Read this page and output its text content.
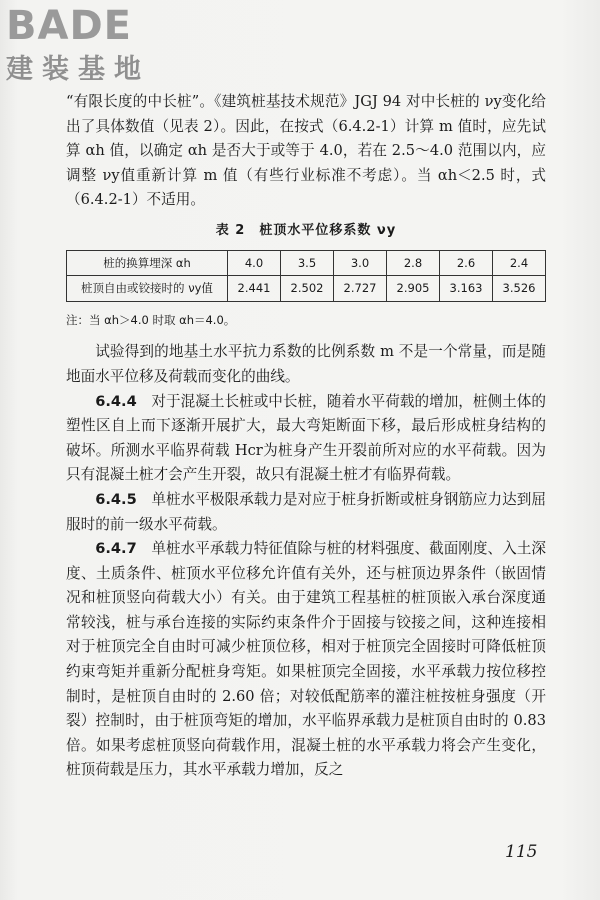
BADE
建装基地

“有限长度的中长桩”。《建筑桩基技术规范》JGJ 94 对中长桩的 νy变化给出了具体数值（见表 2）。因此，在按式（6.4.2-1）计算 m 值时，应先试算 αh 值，以确定 αh 是否大于或等于 4.0，若在 2.5～4.0 范围以内，应调整 νy值重新计算 m 值（有些行业标准不考虑）。当 αh＜2.5 时，式（6.4.2-1）不适用。

表 2　桩顶水平位移系数 νy
桩的换算埋深 αh	4.0	3.5	3.0	2.8	2.6	2.4
桩顶自由或铰接时的 νy值	2.441	2.502	2.727	2.905	3.163	3.526
注：当 αh＞4.0 时取 αh＝4.0。

试验得到的地基土水平抗力系数的比例系数 m 不是一个常量，而是随地面水平位移及荷载而变化的曲线。

6.4.4　 对于混凝土长桩或中长桩，随着水平荷载的增加，桩侧土体的塑性区自上而下逐渐开展扩大，最大弯矩断面下移，最后形成桩身结构的破坏。所测水平临界荷载 Hcr为桩身产生开裂前所对应的水平荷载。因为只有混凝土桩才会产生开裂，故只有混凝土桩才有临界荷载。

6.4.5　 单桩水平极限承载力是对应于桩身折断或桩身钢筋应力达到屈服时的前一级水平荷载。

6.4.7　 单桩水平承载力特征值除与桩的材料强度、截面刚度、入土深度、土质条件、桩顶水平位移允许值有关外，还与桩顶边界条件（嵌固情况和桩顶竖向荷载大小）有关。由于建筑工程基桩的桩顶嵌入承台深度通常较浅，桩与承台连接的实际约束条件介于固接与铰接之间，这种连接相对于桩顶完全自由时可减少桩顶位移，相对于桩顶完全固接时可降低桩顶约束弯矩并重新分配桩身弯矩。如果桩顶完全固接，水平承载力按位移控制时，是桩顶自由时的 2.60 倍；对较低配筋率的灌注桩按桩身强度（开裂）控制时，由于桩顶弯矩的增加，水平临界承载力是桩顶自由时的 0.83 倍。如果考虑桩顶竖向荷载作用，混凝土桩的水平承载力将会产生变化，桩顶荷载是压力，其水平承载力增加，反之

115
